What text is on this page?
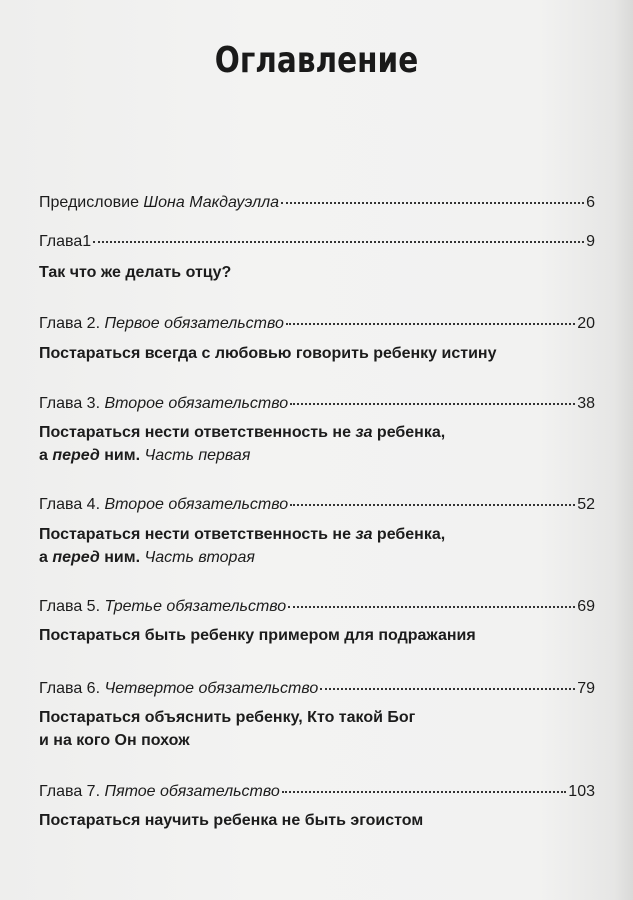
Оглавление
Предисловие Шона Макдауэлла	6
Глава1	9
Так что же делать отцу?
Глава 2. Первое обязательство	20
Постараться всегда с любовью говорить ребенку истину
Глава 3. Второе обязательство	38
Постараться нести ответственность не за ребенка,
а перед ним. Часть первая
Глава 4. Второе обязательство	52
Постараться нести ответственность не за ребенка,
а перед ним. Часть вторая
Глава 5. Третье обязательство	69
Постараться быть ребенку примером для подражания
Глава 6. Четвертое обязательство	79
Постараться объяснить ребенку, Кто такой Бог
и на кого Он похож
Глава 7. Пятое обязательство	103
Постараться научить ребенка не быть эгоистом
